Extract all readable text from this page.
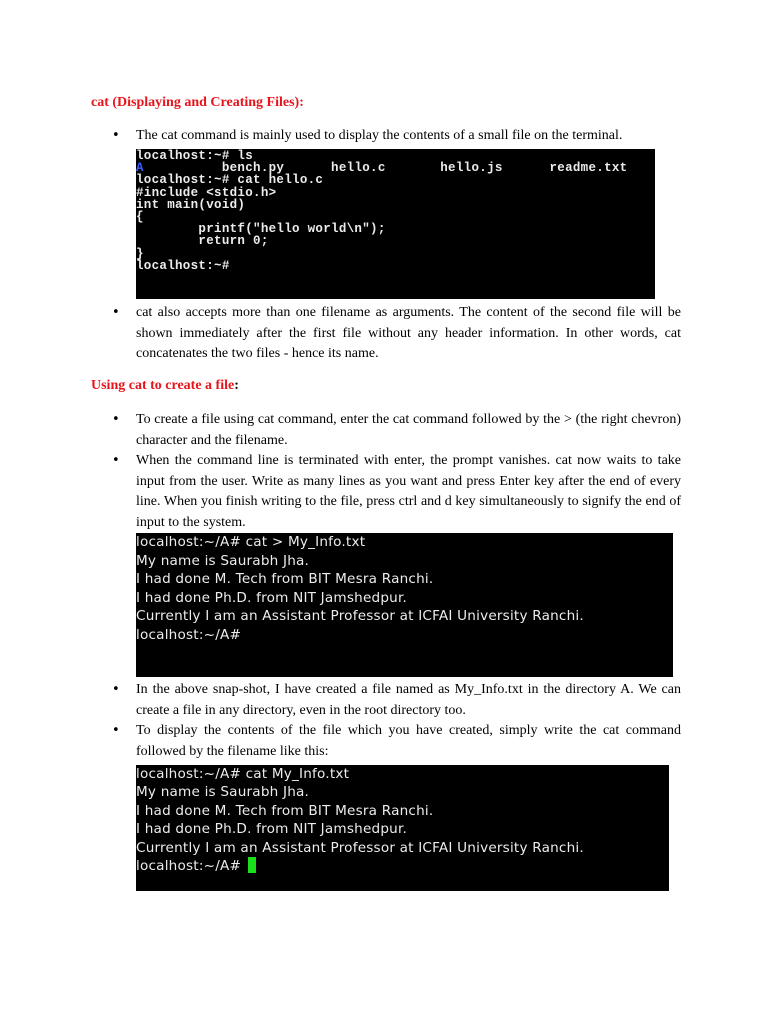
cat (Displaying and Creating Files):

• The cat command is mainly used to display the contents of a small file on the terminal.
localhost:~# ls
A          bench.py      hello.c       hello.js      readme.txt
localhost:~# cat hello.c
#include <stdio.h>
int main(void)
{
printf("hello world\n");
return 0;
}
localhost:~#
• cat also accepts more than one filename as arguments. The content of the second file will be shown immediately after the first file without any header information. In other words, cat concatenates the two files - hence its name.

Using cat to create a file:

• To create a file using cat command, enter the cat command followed by the > (the right chevron) character and the filename.
• When the command line is terminated with enter, the prompt vanishes. cat now waits to take input from the user. Write as many lines as you want and press Enter key after the end of every line. When you finish writing to the file, press ctrl and d key simultaneously to signify the end of input to the system.
localhost:~/A# cat > My_Info.txt
My name is Saurabh Jha.
I had done M. Tech from BIT Mesra Ranchi.
I had done Ph.D. from NIT Jamshedpur.
Currently I am an Assistant Professor at ICFAI University Ranchi.
localhost:~/A#
• In the above snap-shot, I have created a file named as My_Info.txt in the directory A. We can create a file in any directory, even in the root directory too.
• To display the contents of the file which you have created, simply write the cat command followed by the filename like this:
localhost:~/A# cat My_Info.txt
My name is Saurabh Jha.
I had done M. Tech from BIT Mesra Ranchi.
I had done Ph.D. from NIT Jamshedpur.
Currently I am an Assistant Professor at ICFAI University Ranchi.
localhost:~/A#
